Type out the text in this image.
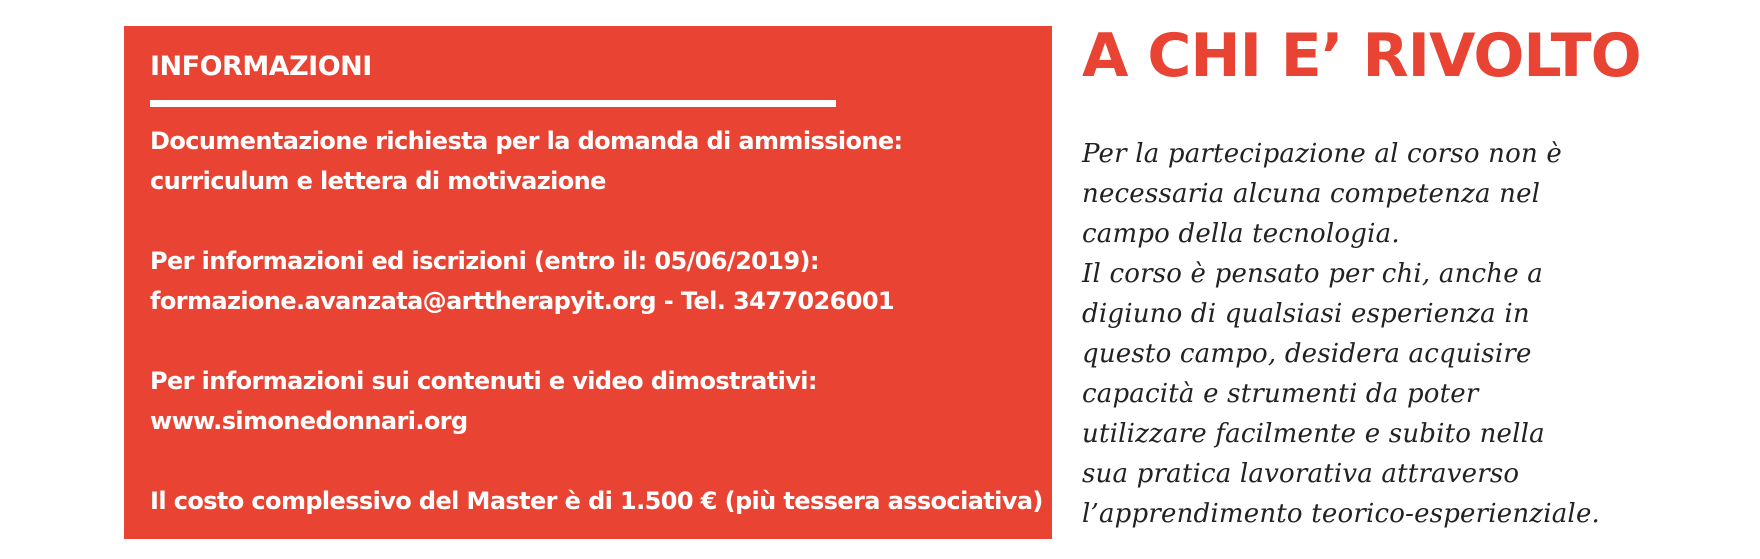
INFORMAZIONI

Documentazione richiesta per la domanda di ammissione:
curriculum e lettera di motivazione

Per informazioni ed iscrizioni (entro il: 05/06/2019):
formazione.avanzata@arttherapyit.org - Tel. 3477026001

Per informazioni sui contenuti e video dimostrativi:
www.simonedonnari.org

Il costo complessivo del Master è di 1.500 € (più tessera associativa)

A CHI E’ RIVOLTO
Per la partecipazione al corso non è
necessaria alcuna competenza nel
campo della tecnologia.
Il corso è pensato per chi, anche a
digiuno di qualsiasi esperienza in
questo campo, desidera acquisire
capacità e strumenti da poter
utilizzare facilmente e subito nella
sua pratica lavorativa attraverso
l’apprendimento teorico-esperienziale.
